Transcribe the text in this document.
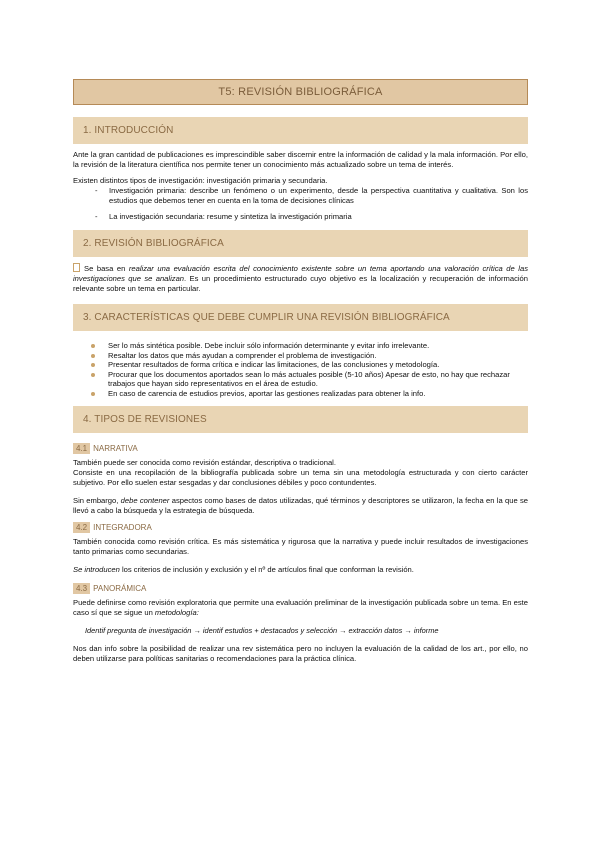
T5: REVISIÓN BIBLIOGRÁFICA
1. INTRODUCCIÓN

Ante la gran cantidad de publicaciones es imprescindible saber discernir entre la información de calidad y la mala información. Por ello, la revisión de la literatura científica nos permite tener un conocimiento más actualizado sobre un tema de interés.

Existen distintos tipos de investigación: investigación primaria y secundaria.

- Investigación primaria: describe un fenómeno o un experimento, desde la perspectiva cuantitativa y cualitativa. Son los estudios que debemos tener en cuenta en la toma de decisiones clínicas
- La investigación secundaria: resume y sintetiza la investigación primaria
2. REVISIÓN BIBLIOGRÁFICA

Se basa en realizar una evaluación escrita del conocimiento existente sobre un tema aportando una valoración crítica de las investigaciones que se analizan. Es un procedimiento estructurado cuyo objetivo es la localización y recuperación de información relevante sobre un tema en particular.

3. CARACTERÍSTICAS QUE DEBE CUMPLIR UNA REVISIÓN BIBLIOGRÁFICA
Ser lo más sintética posible. Debe incluir sólo información determinante y evitar info irrelevante.
Resaltar los datos que más ayudan a comprender el problema de investigación.
Presentar resultados de forma crítica e indicar las limitaciones, de las conclusiones y metodología.
Procurar que los documentos aportados sean lo más actuales posible (5-10 años) Apesar de esto, no hay que rechazar trabajos que hayan sido representativos en el área de estudio.
En caso de carencia de estudios previos, aportar las gestiones realizadas para obtener la info.
4. TIPOS DE REVISIONES
4.1 NARRATIVA

También puede ser conocida como revisión estándar, descriptiva o tradicional.

Consiste en una recopilación de la bibliografía publicada sobre un tema sin una metodología estructurada y con cierto carácter subjetivo. Por ello suelen estar sesgadas y dar conclusiones débiles y poco contundentes.

Sin embargo, debe contener aspectos como bases de datos utilizadas, qué términos y descriptores se utilizaron, la fecha en la que se llevó a cabo la búsqueda y la estrategia de búsqueda.

4.2 INTEGRADORA

También conocida como revisión crítica. Es más sistemática y rigurosa que la narrativa y puede incluir resultados de investigaciones tanto primarias como secundarias.

Se introducen los criterios de inclusión y exclusión y el nº de artículos final que conforman la revisión.

4.3 PANORÁMICA

Puede definirse como revisión exploratoria que permite una evaluación preliminar de la investigación publicada sobre un tema. En este caso sí que se sigue un metodología:

Identif pregunta de investigación → identif estudios + destacados y selección → extracción datos → informe

Nos dan info sobre la posibilidad de realizar una rev sistemática pero no incluyen la evaluación de la calidad de los art., por ello, no deben utilizarse para políticas sanitarias o recomendaciones para la práctica clínica.
